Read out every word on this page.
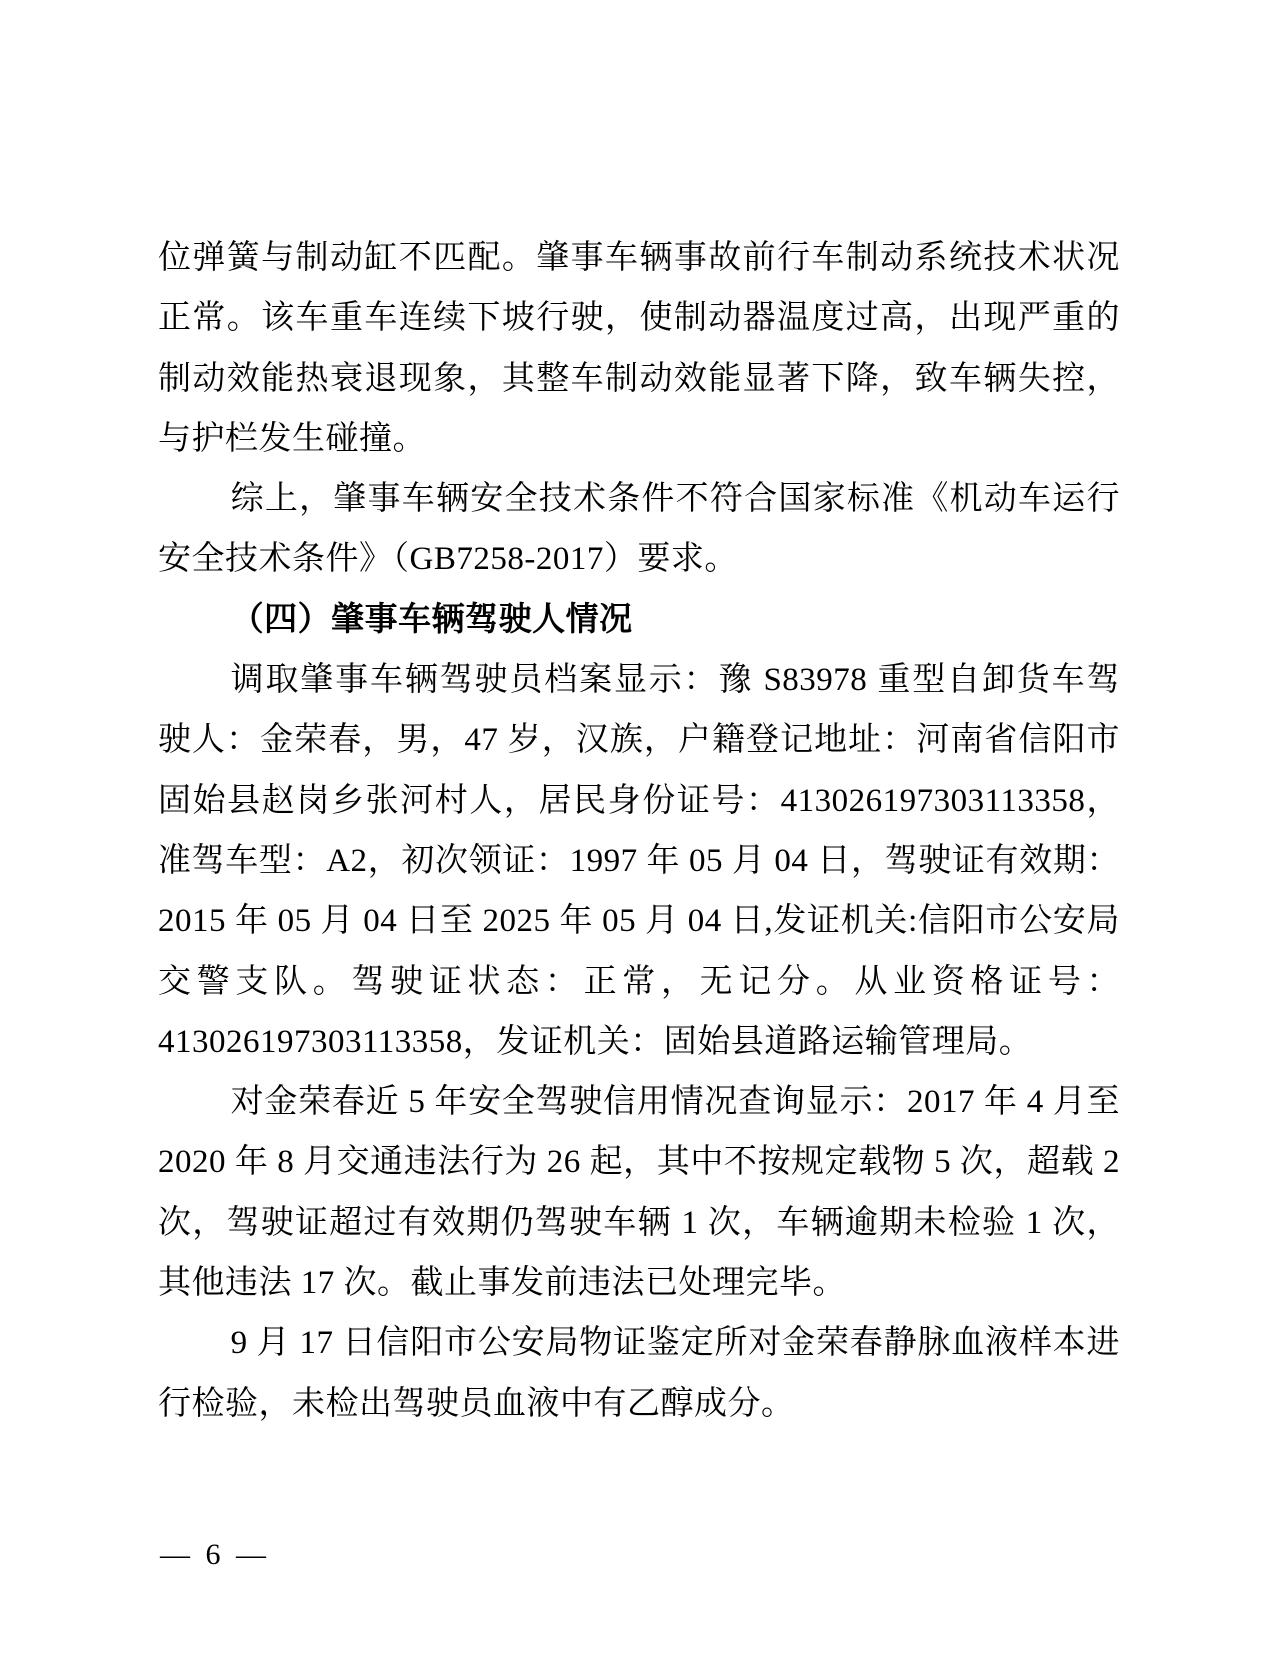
位弹簧与制动缸不匹配。肇事车辆事故前行车制动系统技术状况正常。该车重车连续下坡行驶，使制动器温度过高，出现严重的制动效能热衰退现象，其整车制动效能显著下降，致车辆失控，与护栏发生碰撞。

综上，肇事车辆安全技术条件不符合国家标准《机动车运行安全技术条件》（GB7258-2017）要求。

（四）肇事车辆驾驶人情况

调取肇事车辆驾驶员档案显示：豫 S83978 重型自卸货车驾驶人：金荣春，男，47 岁，汉族，户籍登记地址：河南省信阳市固始县赵岗乡张河村人，居民身份证号：413026197303113358，准驾车型：A2，初次领证：1997 年 05 月 04 日，驾驶证有效期：2015 年 05 月 04 日至 2025 年 05 月 04 日,发证机关:信阳市公安局交警支队。驾驶证状态：正常，无记分。从业资格证号：413026197303113358，发证机关：固始县道路运输管理局。

对金荣春近 5 年安全驾驶信用情况查询显示：2017 年 4 月至 2020 年 8 月交通违法行为 26 起，其中不按规定载物 5 次，超载 2 次，驾驶证超过有效期仍驾驶车辆 1 次，车辆逾期未检验 1 次，其他违法 17 次。截止事发前违法已处理完毕。

9 月 17 日信阳市公安局物证鉴定所对金荣春静脉血液样本进行检验，未检出驾驶员血液中有乙醇成分。

— 6 —
